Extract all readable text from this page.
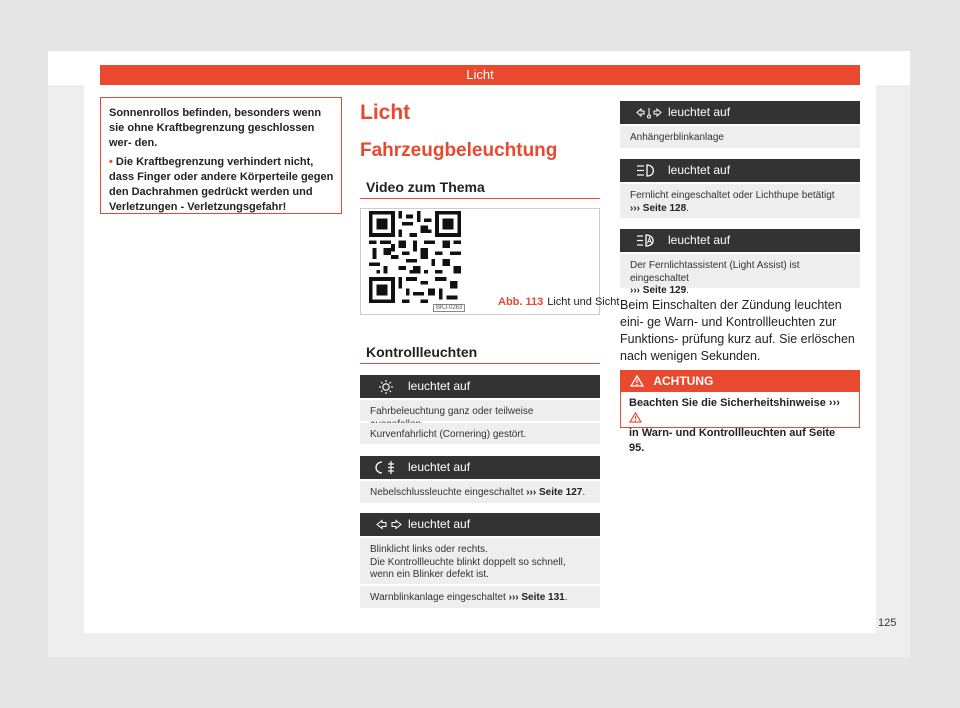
Licht

Sonnenrollos befinden, besonders wenn sie ohne Kraftbegrenzung geschlossen wer- den.

• Die Kraftbegrenzung verhindert nicht, dass Finger oder andere Körperteile gegen den Dachrahmen gedrückt werden und Verletzungen - Verletzungsgefahr!

Licht
Fahrzeugbeleuchtung
Video zum Thema
BKJ-0263	Abb. 113 Licht und Sicht
Kontrollleuchten
leuchtet auf
Fahrbeleuchtung ganz oder teilweise
Kurvenfahrlicht (Cornering) gestört.
leuchtet auf
Nebelschlussleuchte eingeschaltet ››› Seite 127.
leuchtet auf
Blinklicht links oder rechts.
Die Kontrollleuchte blinkt doppelt so schnell, wenn ein Blinker defekt ist.
Warnblinkanlage eingeschaltet ››› Seite 131.
leuchtet auf
Anhängerblinkanlage
leuchtet auf
Fernlicht eingeschaltet oder Lichthupe betätigt
››› Seite 128.
leuchtet auf
Der Fernlichtassistent (Light Assist) ist eingeschaltet
››› Seite 129.
Beim Einschalten der Zündung leuchten eini- ge Warn- und Kontrollleuchten zur Funktions- prüfung kurz auf. Sie erlöschen nach wenigen Sekunden.
ACHTUNG
Beachten Sie die Sicherheitshinweise ›››
in Warn- und Kontrollleuchten auf Seite 95.
125
